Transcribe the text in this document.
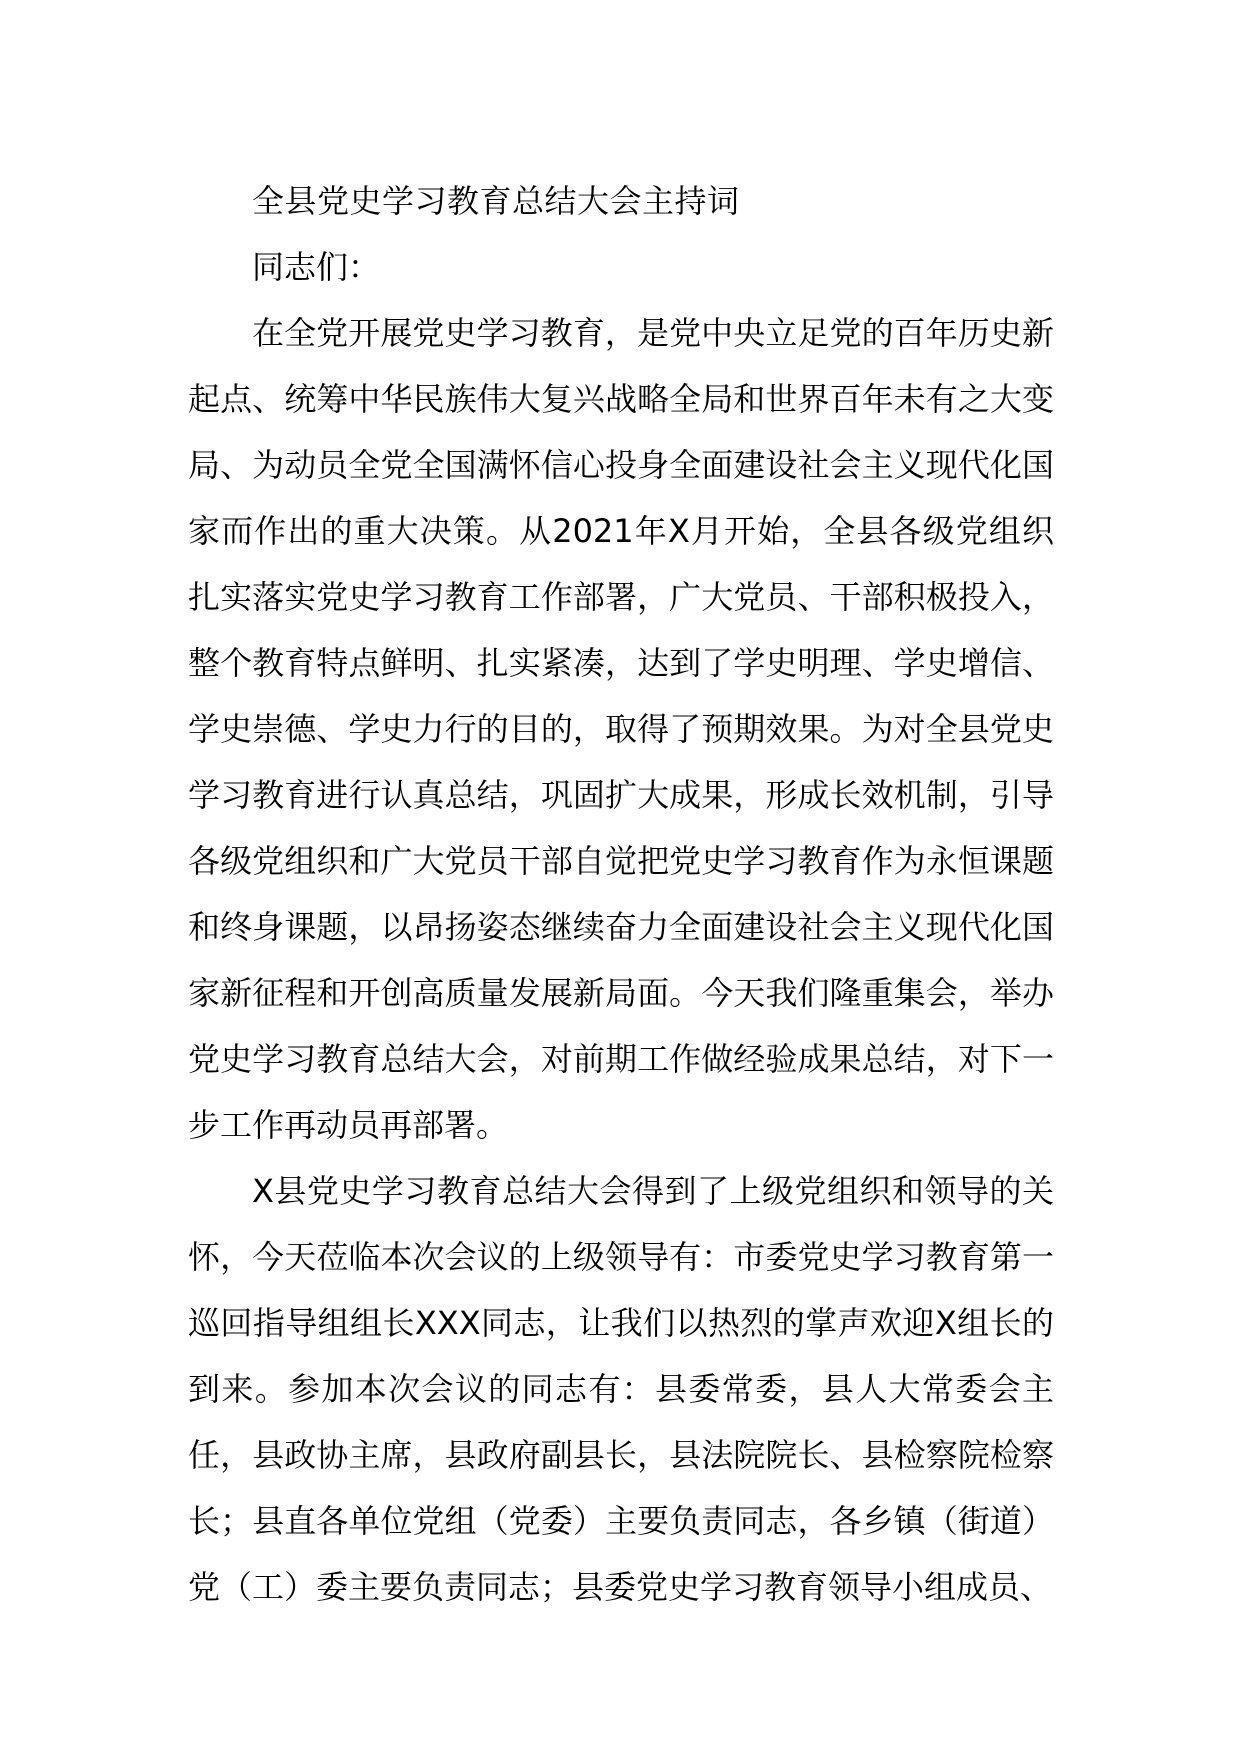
全县党史学习教育总结大会主持词

同志们：

在全党开展党史学习教育，是党中央立足党的百年历史新起点、统筹中华民族伟大复兴战略全局和世界百年未有之大变局、为动员全党全国满怀信心投身全面建设社会主义现代化国家而作出的重大决策。从2021年X月开始，全县各级党组织扎实落实党史学习教育工作部署，广大党员、干部积极投入，整个教育特点鲜明、扎实紧凑，达到了学史明理、学史增信、学史崇德、学史力行的目的，取得了预期效果。为对全县党史学习教育进行认真总结，巩固扩大成果，形成长效机制，引导各级党组织和广大党员干部自觉把党史学习教育作为永恒课题和终身课题，以昂扬姿态继续奋力全面建设社会主义现代化国家新征程和开创高质量发展新局面。今天我们隆重集会，举办党史学习教育总结大会，对前期工作做经验成果总结，对下一步工作再动员再部署。

X县党史学习教育总结大会得到了上级党组织和领导的关怀，今天莅临本次会议的上级领导有：市委党史学习教育第一巡回指导组组长XXX同志，让我们以热烈的掌声欢迎X组长的到来。参加本次会议的同志有：县委常委，县人大常委会主任，县政协主席，县政府副县长，县法院院长、县检察院检察长；县直各单位党组（党委）主要负责同志，各乡镇（街道）党（工）委主要负责同志；县委党史学习教育领导小组成员、
